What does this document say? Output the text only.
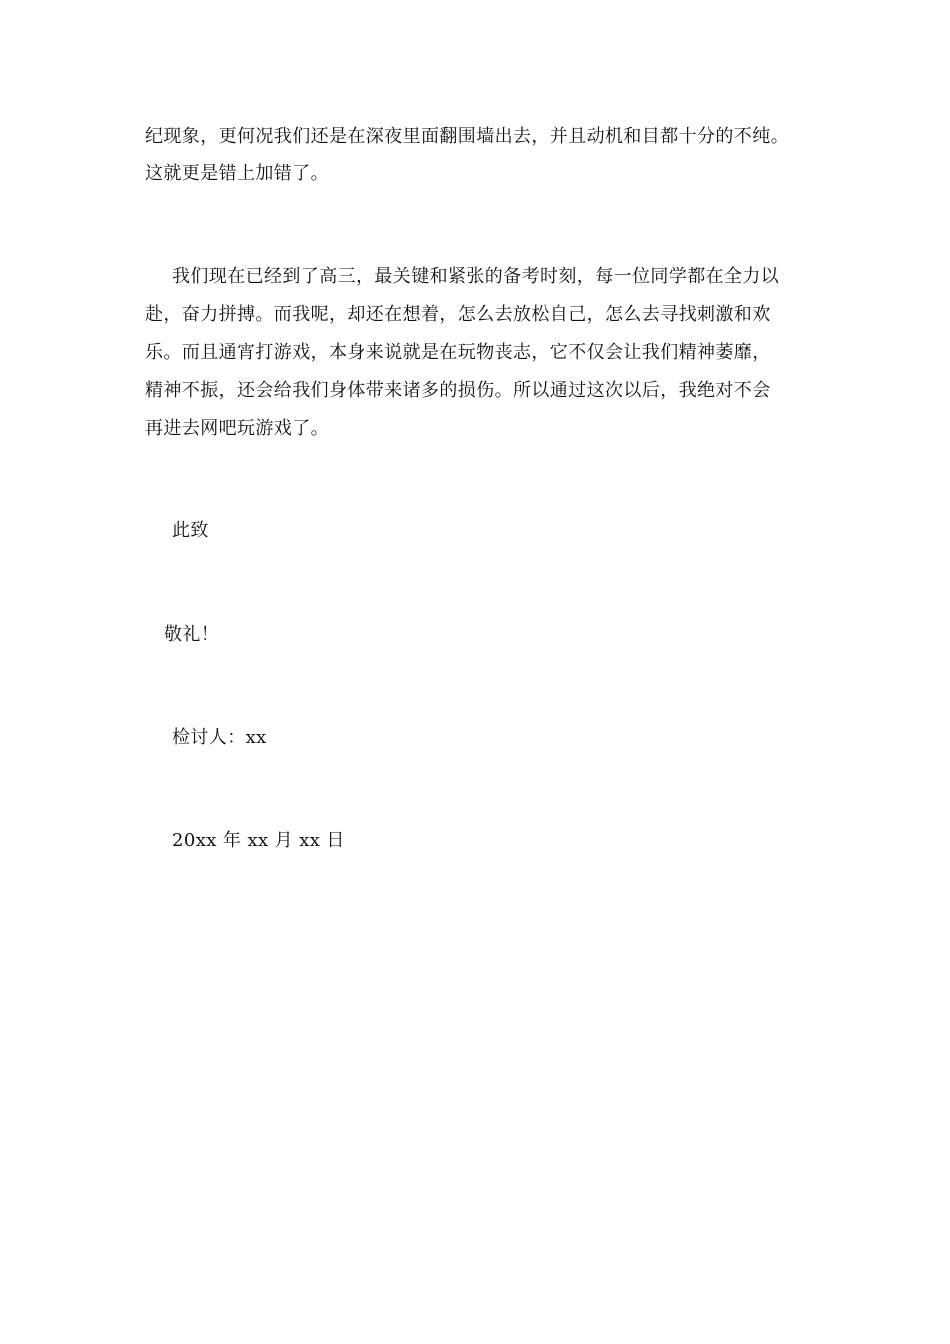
纪现象，更何况我们还是在深夜里面翻围墙出去，并且动机和目都十分的不纯。
这就更是错上加错了。
我们现在已经到了高三，最关键和紧张的备考时刻，每一位同学都在全力以
赴，奋力拼搏。而我呢，却还在想着，怎么去放松自己，怎么去寻找刺激和欢
乐。而且通宵打游戏，本身来说就是在玩物丧志，它不仅会让我们精神萎靡，
精神不振，还会给我们身体带来诸多的损伤。所以通过这次以后，我绝对不会
再进去网吧玩游戏了。
此致
敬礼！
检讨人：xx
20xx 年 xx 月 xx 日
